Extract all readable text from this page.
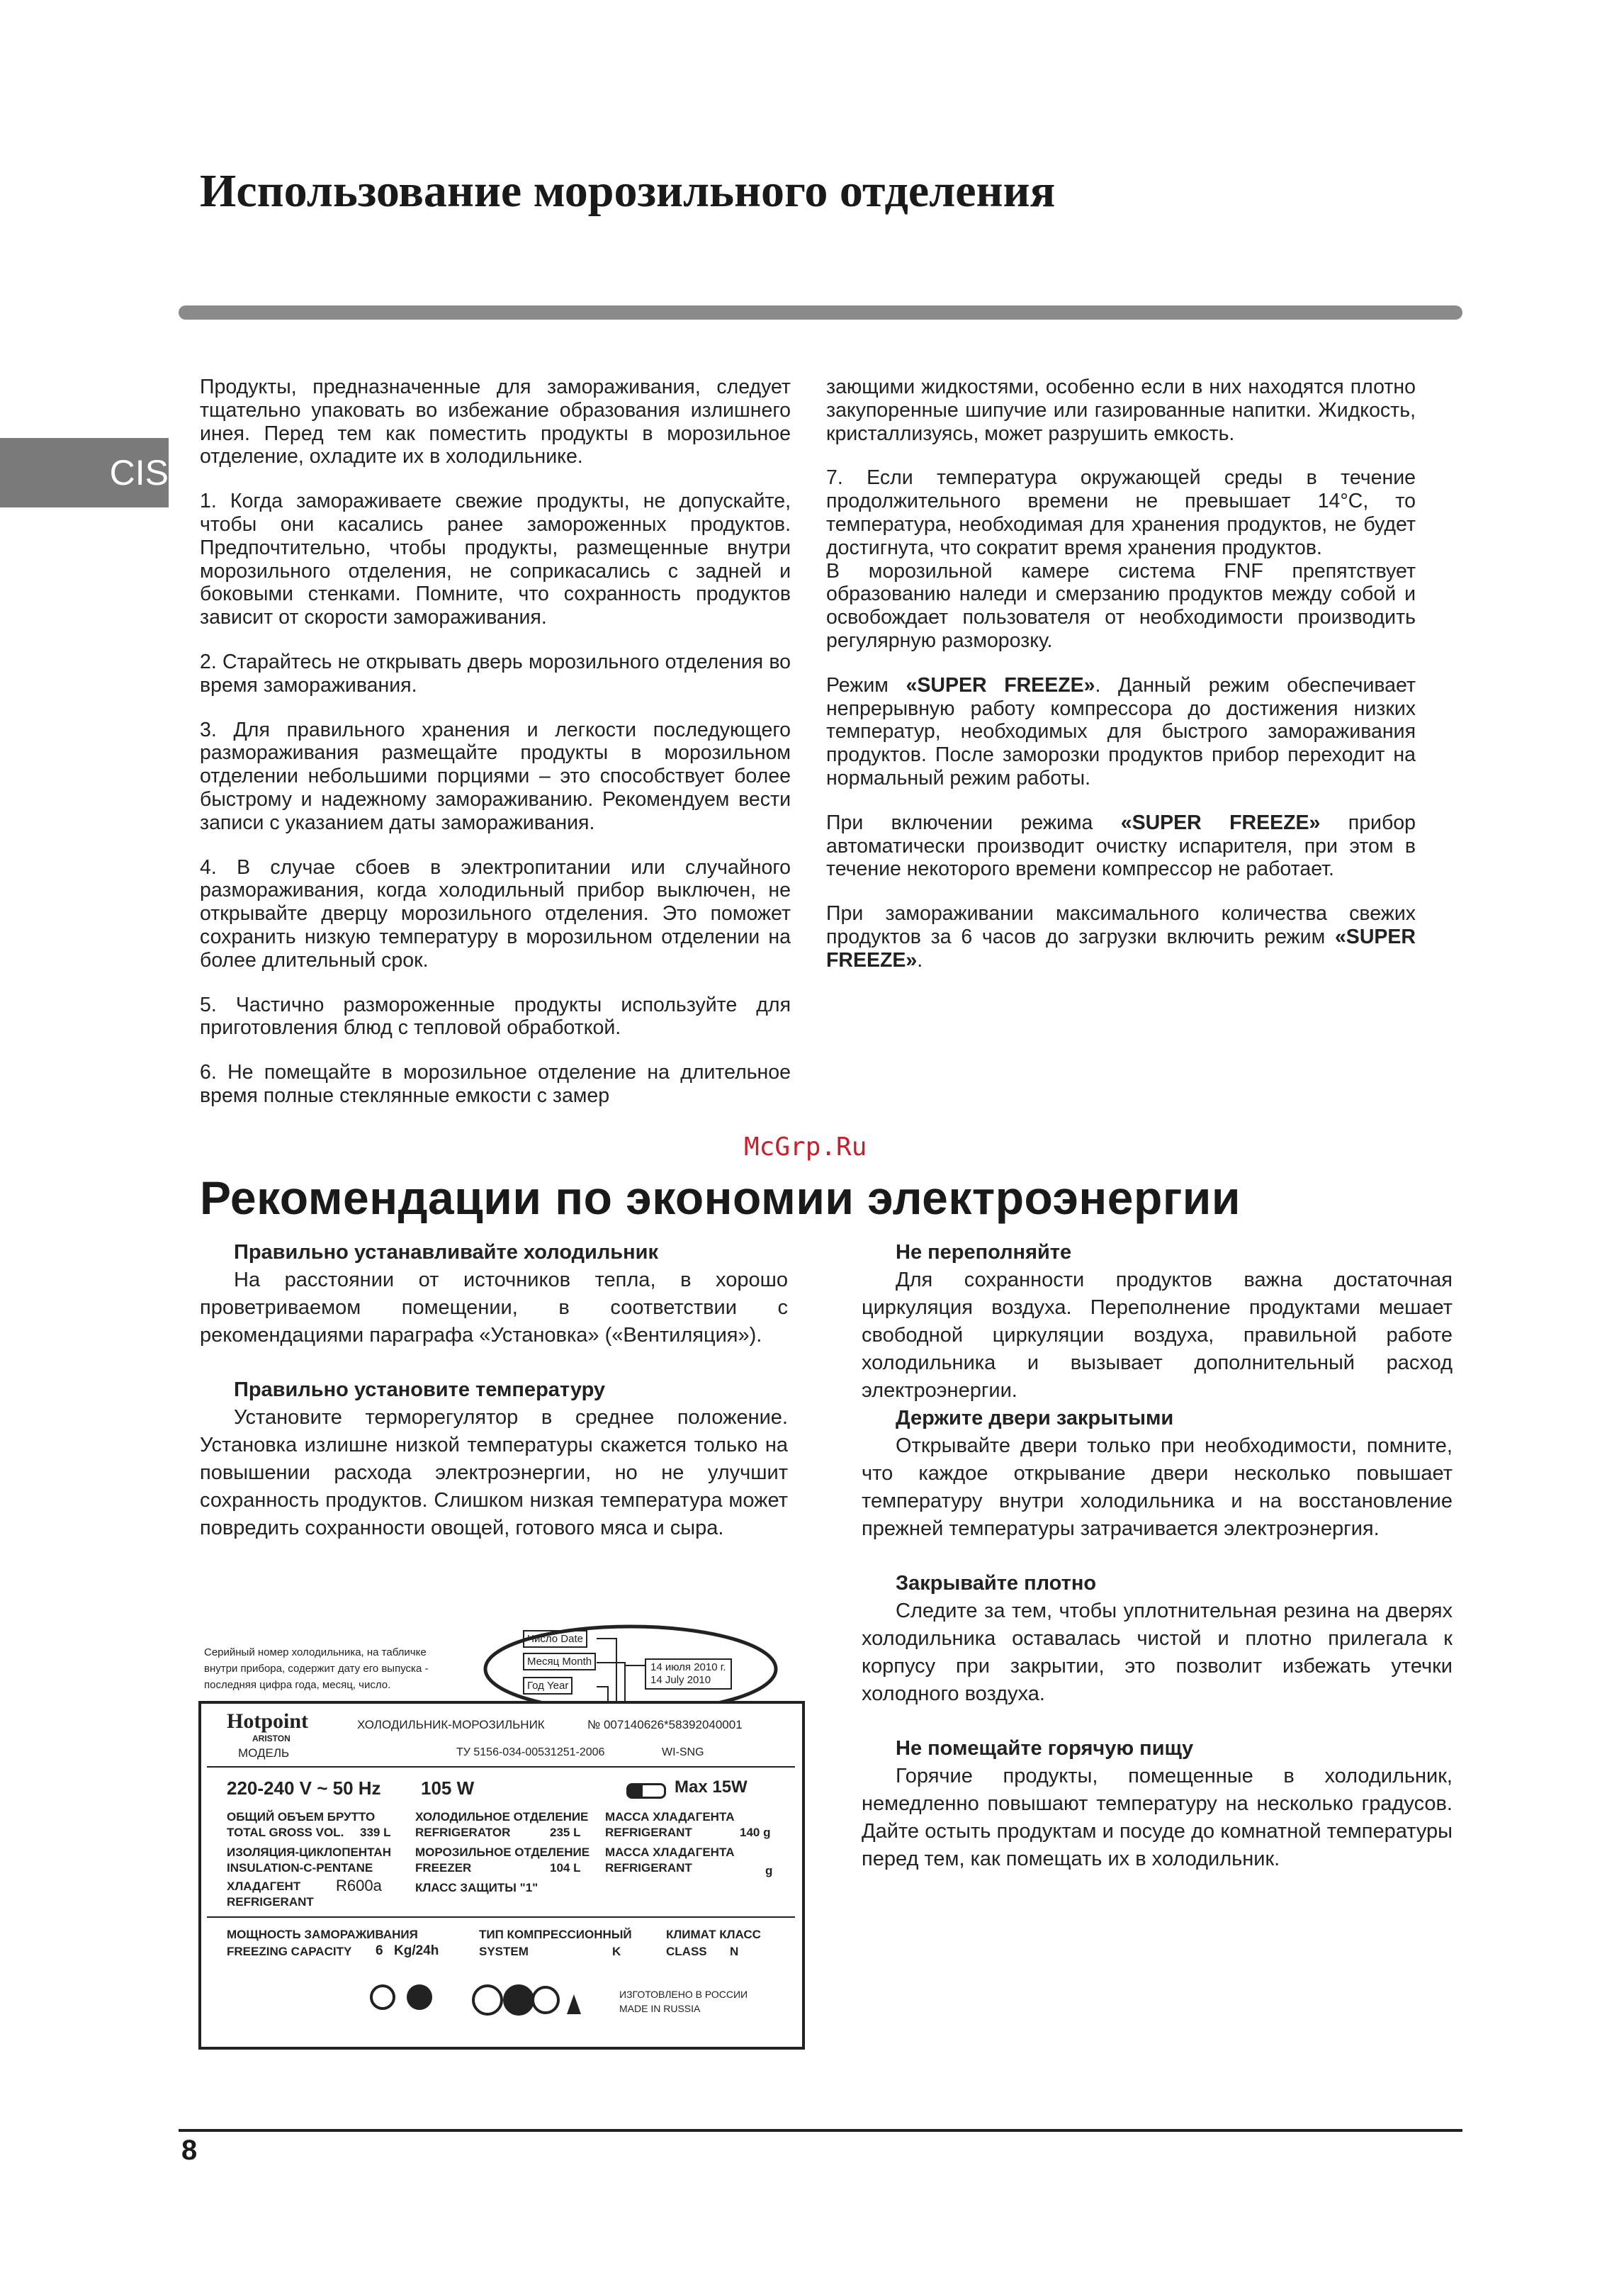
Использование морозильного отделения
CIS

Продукты, предназначенные для замораживания, следует тщательно упаковать во избежание образования излишнего инея. Перед тем как поместить продукты в морозильное отделение, охладите их в холодильнике.

1. Когда замораживаете свежие продукты, не допускайте, чтобы они касались ранее замороженных продуктов. Предпочтительно, чтобы продукты, размещенные внутри морозильного отделения, не соприкасались с задней и боковыми стенками. Помните, что сохранность продуктов зависит от скорости замораживания.

2. Старайтесь не открывать дверь морозильного отделения во время замораживания.

3. Для правильного хранения и легкости последующего размораживания размещайте продукты в морозильном отделении небольшими порциями – это способствует более быстрому и надежному замораживанию. Рекомендуем вести записи с указанием даты замораживания.

4. В случае сбоев в электропитании или случайного размораживания, когда холодильный прибор выключен, не открывайте дверцу морозильного отделения. Это поможет сохранить низкую температуру в морозильном отделении на более длительный срок.

5. Частично размороженные продукты используйте для приготовления блюд с тепловой обработкой.

6. Не помещайте в морозильное отделение на длительное время полные стеклянные емкости с замер

зающими жидкостями, особенно если в них находятся плотно закупоренные шипучие или газированные напитки. Жидкость, кристаллизуясь, может разрушить емкость.

7. Если температура окружающей среды в течение продолжительного времени не превышает 14°С, то температура, необходимая для хранения продуктов, не будет достигнута, что сократит время хранения продуктов.

В морозильной камере система FNF препятствует образованию наледи и смерзанию продуктов между собой и освобождает пользователя от необходимости производить регулярную разморозку.

Режим «SUPER FREEZE». Данный режим обеспечивает непрерывную работу компрессора до достижения низких температур, необходимых для быстрого замораживания продуктов. После заморозки продуктов прибор переходит на нормальный режим работы.

При включении режима «SUPER FREEZE» прибор автоматически производит очистку испарителя, при этом в течение некоторого времени компрессор не работает.

При замораживании максимального количества свежих продуктов за 6 часов до загрузки включить режим «SUPER FREEZE».

McGrp.Ru
Рекомендации по экономии электроэнергии
Правильно устанавливайте холодильник
На расстоянии от источников тепла, в хорошо проветриваемом помещении, в соответствии с рекомендациями параграфа «Установка» («Вентиляция»).
Правильно установите температуру
Установите терморегулятор в среднее положение. Установка излишне низкой температуры скажется только на повышении расхода электроэнергии, но не улучшит сохранность продуктов. Слишком низкая температура может повредить сохранности овощей, готового мяса и сыра.
Не переполняйте
Для сохранности продуктов важна достаточная циркуляция воздуха. Переполнение продуктами мешает свободной циркуляции воздуха, правильной работе холодильника и вызывает дополнительный расход электроэнергии.
Держите двери закрытыми
Открывайте двери только при необходимости, помните, что каждое открывание двери несколько повышает температуру внутри холодильника и на восстановление прежней температуры затрачивается электроэнергия.
Закрывайте плотно
Следите за тем, чтобы уплотнительная резина на дверях холодильника оставалась чистой и плотно прилегала к корпусу при закрытии, это позволит избежать утечки холодного воздуха.
Не помещайте горячую пищу
Горячие продукты, помещенные в холодильник, немедленно повышают температуру на несколько градусов. Дайте остыть продуктам и посуде до комнатной температуры перед тем, как помещать их в холодильник.
Серийный номер холодильника, на табличке
внутри прибора, содержит дату его выпуска -
последняя цифра года, месяц, число.
Число Date
Месяц Month
Год Year
14 июля 2010 г.
14 July 2010
Hotpoint
ARISTON
ХОЛОДИЛЬНИК-МОРОЗИЛЬНИК	№ 007140626*58392040001
МОДЕЛЬ	ТУ 5156-034-00531251-2006	WI-SNG
220-240 V ~ 50 Hz 105 W	Max 15W
ОБЩИЙ ОБЪЕМ БРУТТО
TOTAL GROSS VOL. 339 L
ХОЛОДИЛЬНОЕ ОТДЕЛЕНИЕ
REFRIGERATOR	235 L
МАССА ХЛАДАГЕНТА
REFRIGERANT	140 g
ИЗОЛЯЦИЯ-ЦИКЛОПЕНТАН
INSULATION-C-PENTANE
МОРОЗИЛЬНОЕ ОТДЕЛЕНИЕ
FREEZER	104 L
МАССА ХЛАДАГЕНТА
REFRIGERANT	g
ХЛАДАГЕНТ R600a
REFRIGERANT
КЛАСС ЗАЩИТЫ "1"
МОЩНОСТЬ ЗАМОРАЖИВАНИЯ
FREEZING CAPACITY 6 Kg/24h
ТИП КОМПРЕССИОННЫЙ
SYSTEM	K
КЛИМАТ КЛАСС
CLASS N
ИЗГОТОВЛЕНО В РОССИИ
MADE IN RUSSIA
8
